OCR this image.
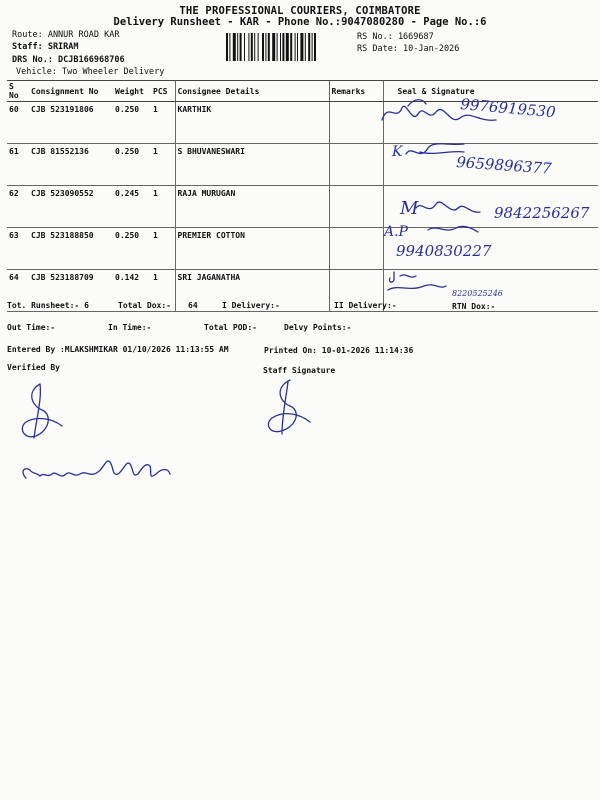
THE PROFESSIONAL COURIERS, COIMBATORE
Delivery Runsheet - KAR - Phone No.:9047080280 - Page No.:6
Route: ANNUR ROAD KAR
Staff: SRIRAM
DRS No.: DCJB166968706
Vehicle: Two Wheeler Delivery
RS No.: 1669687
RS Date: 10-Jan-2026
S No	Consignment No	Weight	PCS	Consignee Details	Remarks	Seal & Signature
60	CJB 523191806	0.250	1	KARTHIK		
61	CJB 81552136	0.250	1	S BHUVANESWARI		
62	CJB 523090552	0.245	1	RAJA MURUGAN		
63	CJB 523188850	0.250	1	PREMIER COTTON		
64	CJB 523188709	0.142	1	SRI JAGANATHA		
Tot. Runsheet:- 6	Total Dox:- 64	I Delivery:-	II Delivery:-	RTN Dox:-
Out Time:-	In Time:-	Total POD:-	Delvy Points:-
Entered By :MLAKSHMIKAR 01/10/2026 11:13:55 AM	Printed On: 10-01-2026 11:14:36
Verified By	Staff Signature
9976919530
K
9659896377
M	9842256267
A.P
9940830227
8220525246
